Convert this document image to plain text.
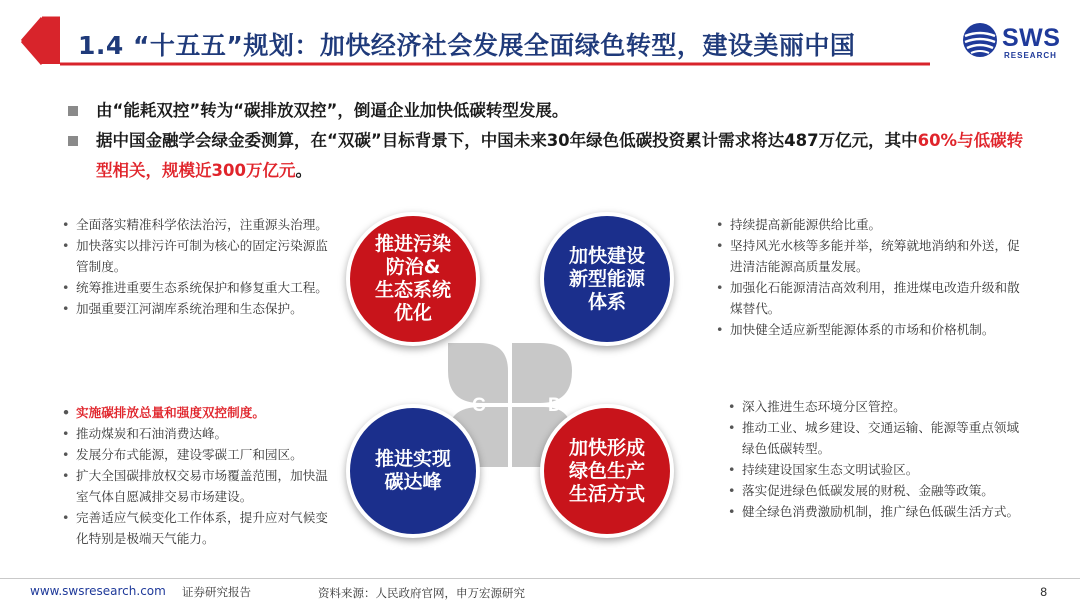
1.4 “十五五”规划：加快经济社会发展全面绿色转型，建设美丽中国	SWS
RESEARCH
由“能耗双控”转为“碳排放双控”，倒逼企业加快低碳转型发展。
据中国金融学会绿金委测算，在“双碳”目标背景下，中国未来30年绿色低碳投资累计需求将达487万亿元，其中60%与低碳转型相关，规模近300万亿元。
• 全面落实精准科学依法治污，注重源头治理。
• 加快落实以排污许可制为核心的固定污染源监管制度。
• 统筹推进重要生态系统保护和修复重大工程。
• 加强重要江河湖库系统治理和生态保护。
• 持续提高新能源供给比重。
• 坚持风光水核等多能并举，统筹就地消纳和外送，促进清洁能源高质量发展。
• 加强化石能源清洁高效利用，推进煤电改造升级和散煤替代。
• 加快健全适应新型能源体系的市场和价格机制。
• 实施碳排放总量和强度双控制度。
• 推动煤炭和石油消费达峰。
• 发展分布式能源，建设零碳工厂和园区。
• 扩大全国碳排放权交易市场覆盖范围，加快温室气体自愿减排交易市场建设。
• 完善适应气候变化工作体系，提升应对气候变化特别是极端天气能力。
• 深入推进生态环境分区管控。
• 推动工业、城乡建设、交通运输、能源等重点领域绿色低碳转型。
• 持续建设国家生态文明试验区。
• 落实促进绿色低碳发展的财税、金融等政策。
• 健全绿色消费激励机制，推广绿色低碳生活方式。
A	B
C	D
推进污染
防治&
生态系统
优化
加快建设
新型能源
体系
推进实现
碳达峰
加快形成
绿色生产
生活方式
www.swsresearch.com 证券研究报告	资料来源：人民政府官网，申万宏源研究	8
